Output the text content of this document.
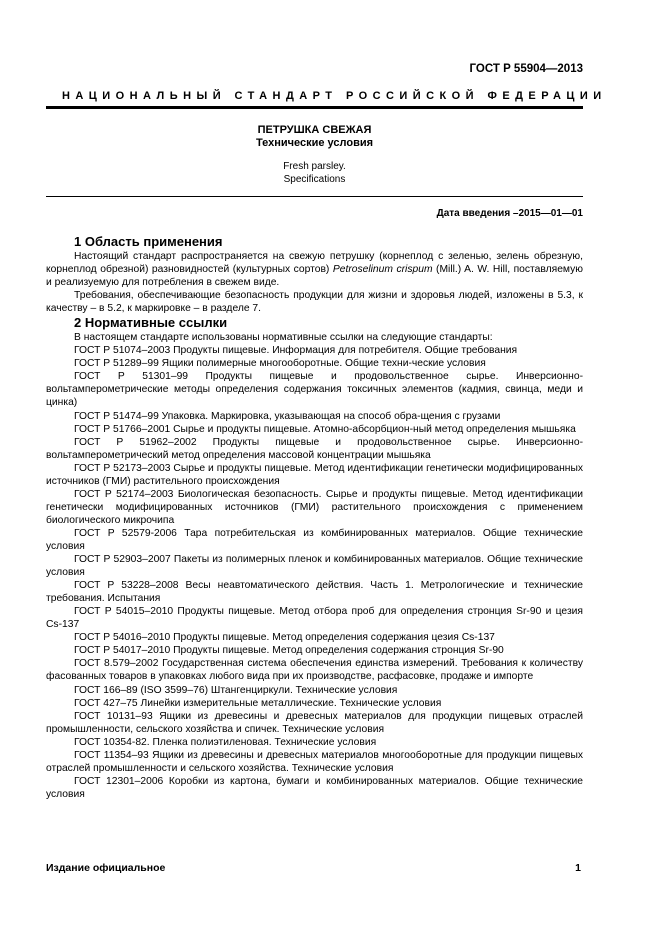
ГОСТ Р 55904—2013
НАЦИОНАЛЬНЫЙ СТАНДАРТ РОССИЙСКОЙ ФЕДЕРАЦИИ
ПЕТРУШКА СВЕЖАЯ
Технические условия
Fresh parsley.
Specifications
Дата введения –2015—01—01
1 Область применения

Настоящий стандарт распространяется на свежую петрушку (корнеплод с зеленью, зелень обрезную, корнеплод обрезной) разновидностей (культурных сортов) Petroselinum crispum (Mill.) A. W. Hill, поставляемую и реализуемую для потребления в свежем виде.

Требования, обеспечивающие безопасность продукции для жизни и здоровья людей, изложены в 5.3, к качеству – в 5.2, к маркировке – в разделе 7.

2 Нормативные ссылки

В настоящем стандарте использованы нормативные ссылки на следующие стандарты:

ГОСТ Р 51074–2003 Продукты пищевые. Информация для потребителя. Общие требования

ГОСТ Р 51289–99 Ящики полимерные многооборотные. Общие техни-ческие условия

ГОСТ Р 51301–99 Продукты пищевые и продовольственное сырье. Инверсионно-вольтамперометрические методы определения содержания токсичных элементов (кадмия, свинца, меди и цинка)

ГОСТ Р 51474–99 Упаковка. Маркировка, указывающая на способ обра-щения с грузами

ГОСТ Р 51766–2001 Сырье и продукты пищевые. Атомно-абсорбцион-ный метод определения мышьяка

ГОСТ Р 51962–2002 Продукты пищевые и продовольственное сырье. Инверсионно-вольтамперометрический метод определения массовой концентрации мышьяка

ГОСТ Р 52173–2003 Сырье и продукты пищевые. Метод идентификации генетически модифицированных источников (ГМИ) растительного происхождения

ГОСТ Р 52174–2003 Биологическая безопасность. Сырье и продукты пищевые. Метод идентификации генетически модифицированных источников (ГМИ) растительного происхождения с применением биологического микрочипа

ГОСТ Р 52579-2006 Тара потребительская из комбинированных материалов. Общие технические условия

ГОСТ Р 52903–2007 Пакеты из полимерных пленок и комбинированных материалов. Общие технические условия

ГОСТ Р 53228–2008 Весы неавтоматического действия. Часть 1. Метрологические и технические требования. Испытания

ГОСТ Р 54015–2010 Продукты пищевые. Метод отбора проб для определения стронция Sr-90 и цезия Cs-137

ГОСТ Р 54016–2010 Продукты пищевые. Метод определения содержания цезия Cs-137

ГОСТ Р 54017–2010 Продукты пищевые. Метод определения содержания стронция Sr-90

ГОСТ 8.579–2002 Государственная система обеспечения единства измерений. Требования к количеству фасованных товаров в упаковках любого вида при их производстве, расфасовке, продаже и импорте

ГОСТ 166–89 (ISO 3599–76) Штангенциркули. Технические условия

ГОСТ 427–75 Линейки измерительные металлические. Технические условия

ГОСТ 10131–93 Ящики из древесины и древесных материалов для продукции пищевых отраслей промышленности, сельского хозяйства и спичек. Технические условия

ГОСТ 10354-82. Пленка полиэтиленовая. Технические условия

ГОСТ 11354–93 Ящики из древесины и древесных материалов многооборотные для продукции пищевых отраслей промышленности и сельского хозяйства. Технические условия

ГОСТ 12301–2006 Коробки из картона, бумаги и комбинированных материалов. Общие технические условия

Издание официальное	1
